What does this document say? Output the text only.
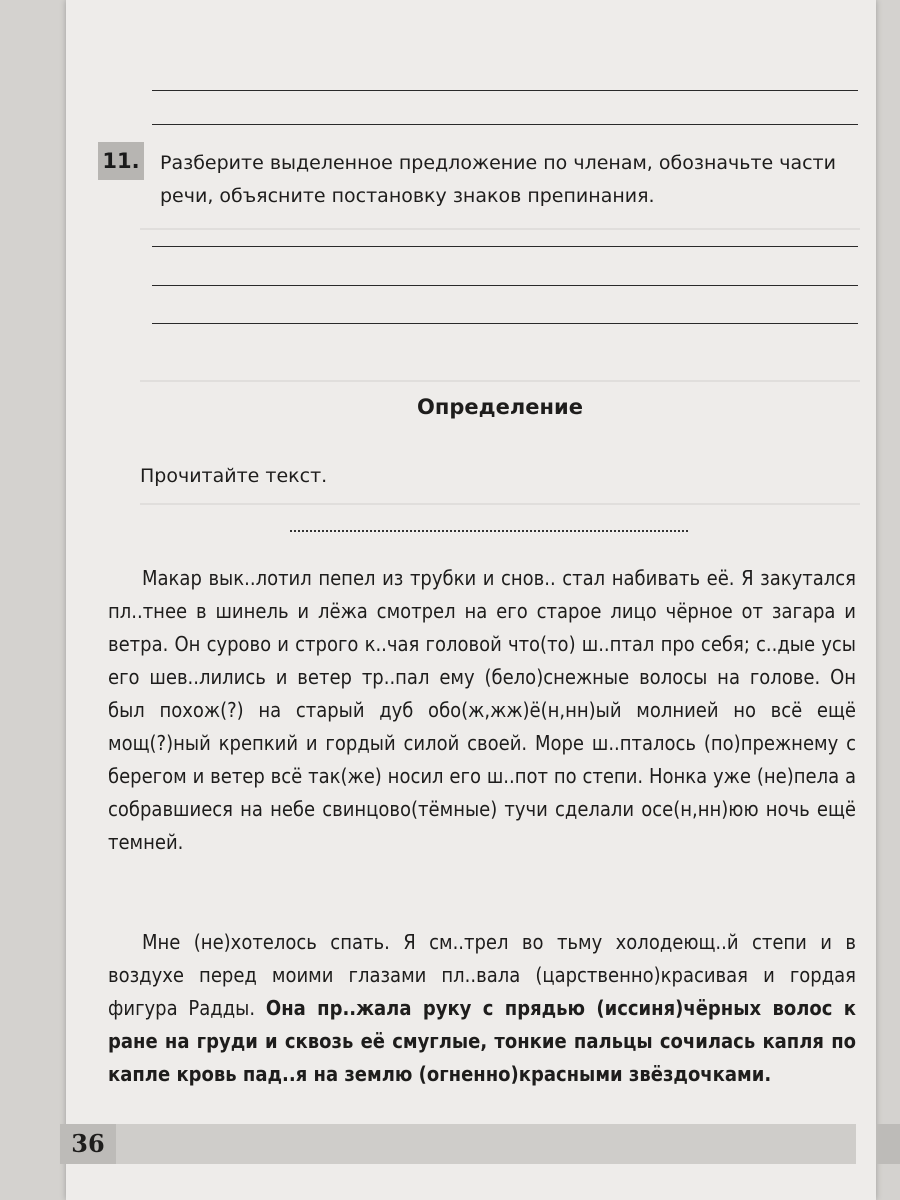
11. Разберите выделенное предложение по членам, обозначьте части речи, объясните постановку знаков препинания.
Определение
Прочитайте текст.

Макар вык..лотил пепел из трубки и снов.. стал набивать её. Я закутался пл..тнее в шинель и лёжа смотрел на его старое лицо чёрное от загара и ветра. Он сурово и строго к..чая головой что(то) ш..птал про себя; с..дые усы его шев..лились и ветер тр..пал ему (бело)снежные волосы на голове. Он был похож(?) на старый дуб обо(ж,жж)ё(н,нн)ый молнией но всё ещё мощ(?)ный крепкий и гордый силой своей. Море ш..пталось (по)прежнему с берегом и ветер всё так(же) носил его ш..пот по степи. Нонка уже (не)пела а собравшиеся на небе свинцово(тёмные) тучи сделали осе(н,нн)юю ночь ещё темней.

Мне (не)хотелось спать. Я см..трел во тьму холодеющ..й степи и в воздухе перед моими глазами пл..вала (царственно)красивая и гордая фигура Радды. Она пр..жала руку с прядью (иссиня)чёрных волос к ране на груди и сквозь её смуглые, тонкие пальцы сочилась капля по капле кровь пад..я на землю (огненно)красными звёздочками.

36
